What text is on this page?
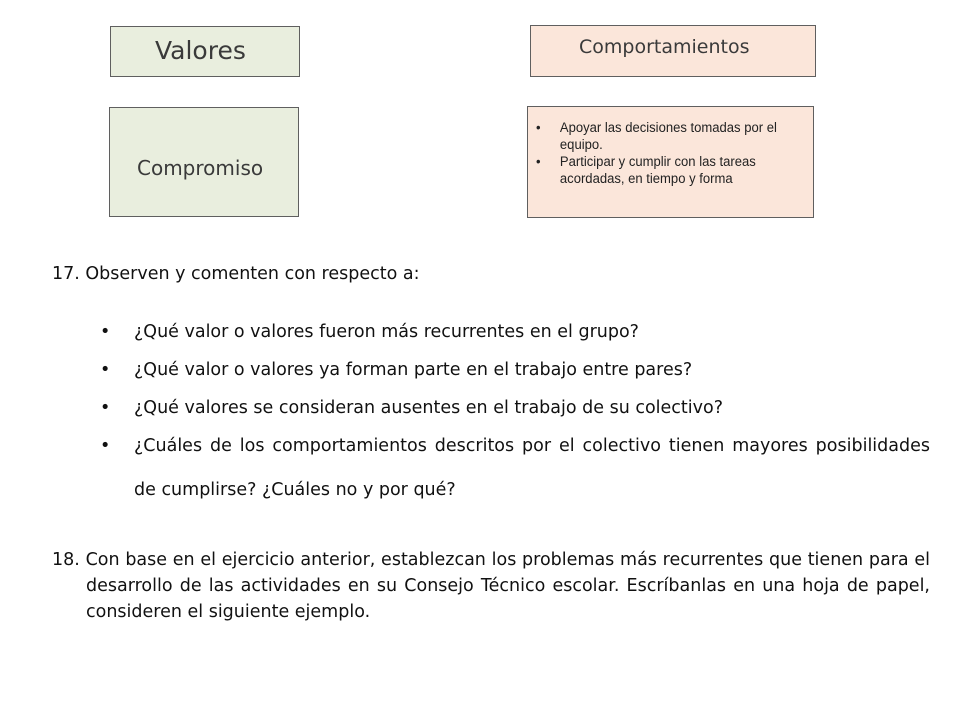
Valores	Comportamientos
Compromiso
• Apoyar las decisiones tomadas por el equipo.
• Participar y cumplir con las tareas acordadas, en tiempo y forma
17. Observen y comenten con respecto a:
• ¿Qué valor o valores fueron más recurrentes en el grupo?
• ¿Qué valor o valores ya forman parte en el trabajo entre pares?
• ¿Qué valores se consideran ausentes en el trabajo de su colectivo?
• ¿Cuáles de los comportamientos descritos por el colectivo tienen mayores posibilidades de cumplirse? ¿Cuáles no y por qué?
18. Con base en el ejercicio anterior, establezcan los problemas más recurrentes que tienen para el desarrollo de las actividades en su Consejo Técnico escolar. Escríbanlas en una hoja de papel, consideren el siguiente ejemplo.
